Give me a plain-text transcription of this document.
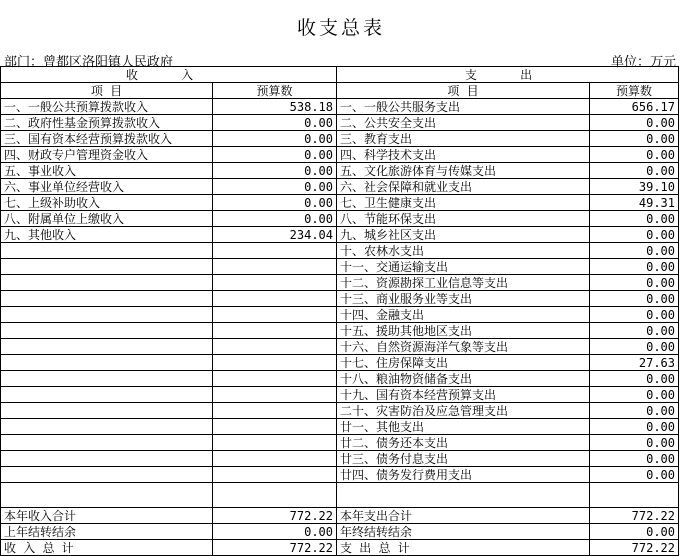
收支总表
部门：曾都区洛阳镇人民政府	单位：万元
收 入		支 出	
项 目	预算数	项 目	预算数
一、一般公共预算拨款收入	538.18	一、一般公共服务支出	656.17
二、政府性基金预算拨款收入	0.00	二、公共安全支出	0.00
三、国有资本经营预算拨款收入	0.00	三、教育支出	0.00
四、财政专户管理资金收入	0.00	四、科学技术支出	0.00
五、事业收入	0.00	五、文化旅游体育与传媒支出	0.00
六、事业单位经营收入	0.00	六、社会保障和就业支出	39.10
七、上级补助收入	0.00	七、卫生健康支出	49.31
八、附属单位上缴收入	0.00	八、节能环保支出	0.00
九、其他收入	234.04	九、城乡社区支出	0.00
		十、农林水支出	0.00
		十一、交通运输支出	0.00
		十二、资源勘探工业信息等支出	0.00
		十三、商业服务业等支出	0.00
		十四、金融支出	0.00
		十五、援助其他地区支出	0.00
		十六、自然资源海洋气象等支出	0.00
		十七、住房保障支出	27.63
		十八、粮油物资储备支出	0.00
		十九、国有资本经营预算支出	0.00
		二十、灾害防治及应急管理支出	0.00
		廿一、其他支出	0.00
		廿二、债务还本支出	0.00
		廿三、债务付息支出	0.00
		廿四、债务发行费用支出	0.00

本年收入合计	772.22	本年支出合计	772.22
上年结转结余	0.00	年终结转结余	0.00
收 入 总 计	772.22	支 出 总 计	772.22
